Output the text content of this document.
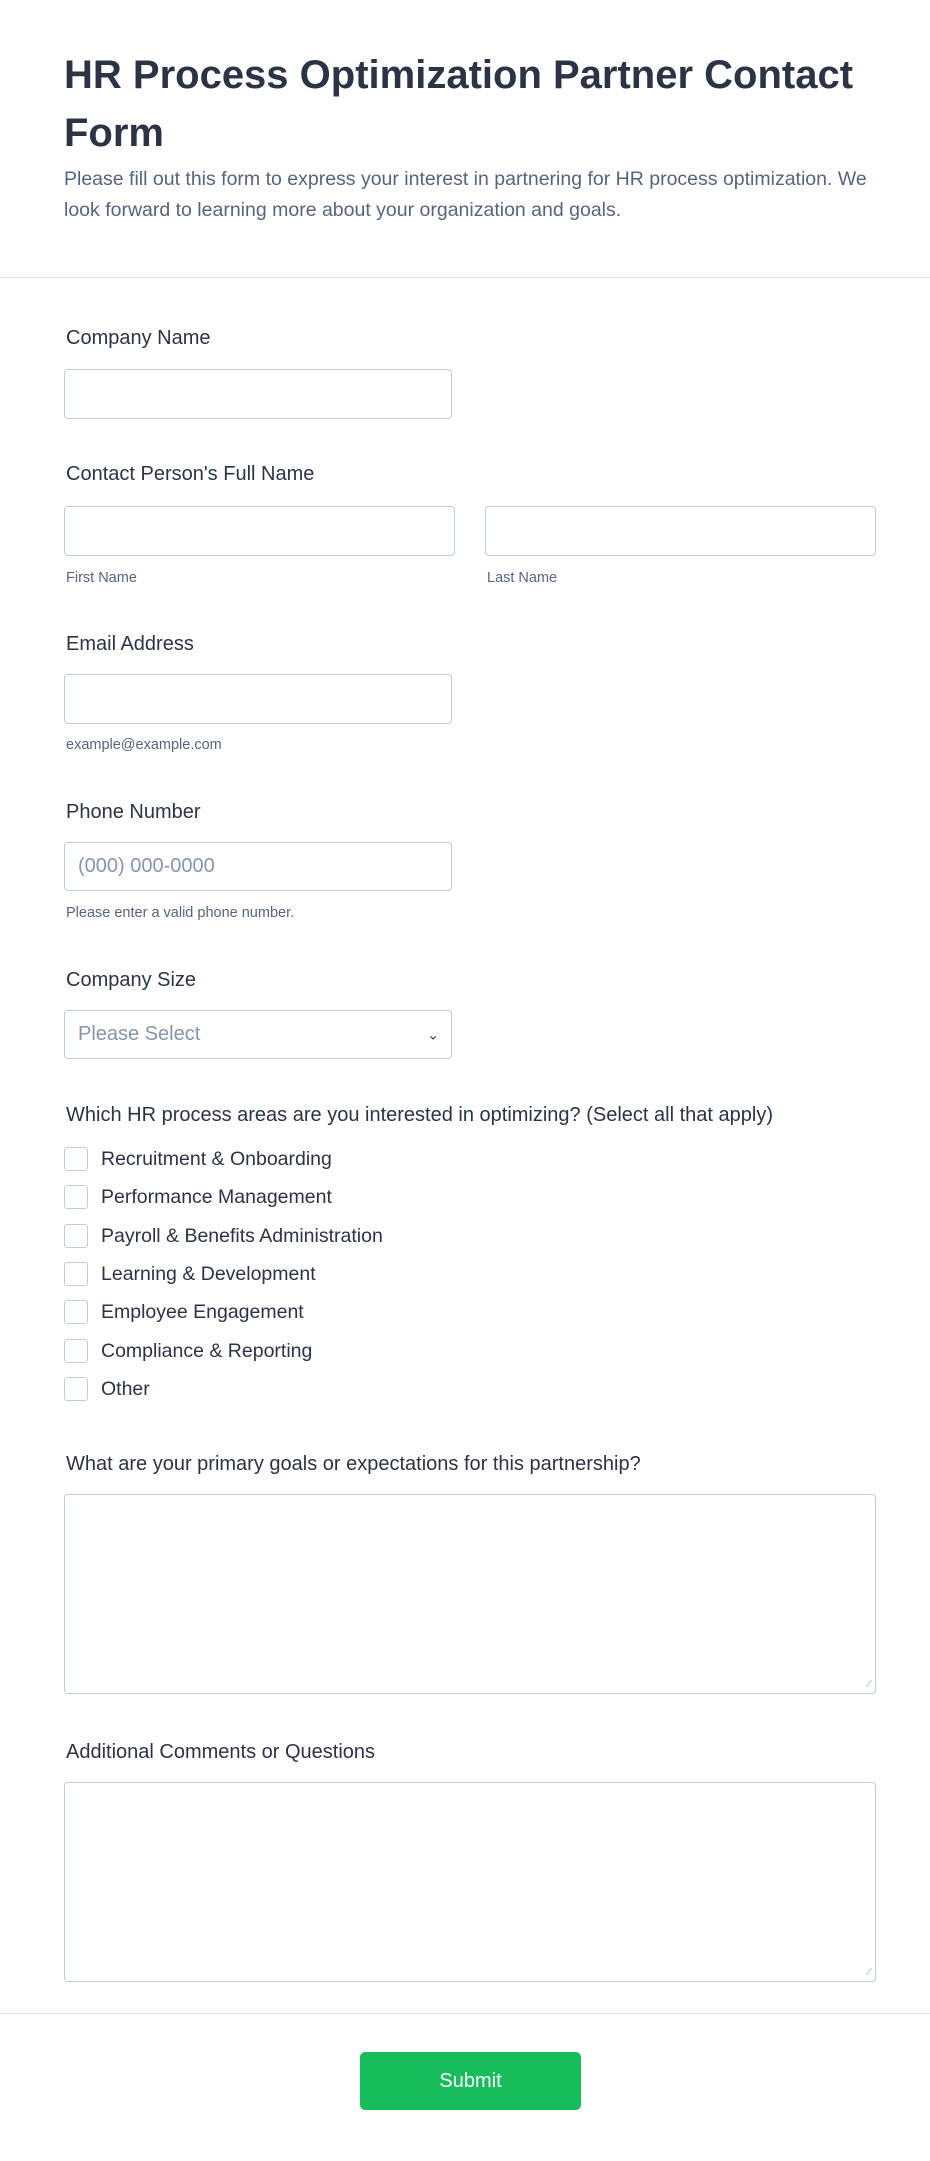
HR Process Optimization Partner Contact Form
Please fill out this form to express your interest in partnering for HR process optimization. We look forward to learning more about your organization and goals.
Company Name
Contact Person's Full Name
First Name	Last Name
Email Address
example@example.com
Phone Number
(000) 000-0000
Please enter a valid phone number.
Company Size
Please Select	⌄
Which HR process areas are you interested in optimizing? (Select all that apply)
Recruitment & Onboarding
Performance Management
Payroll & Benefits Administration
Learning & Development
Employee Engagement
Compliance & Reporting
Other
What are your primary goals or expectations for this partnership?
∕∕
Additional Comments or Questions
∕∕
Submit
